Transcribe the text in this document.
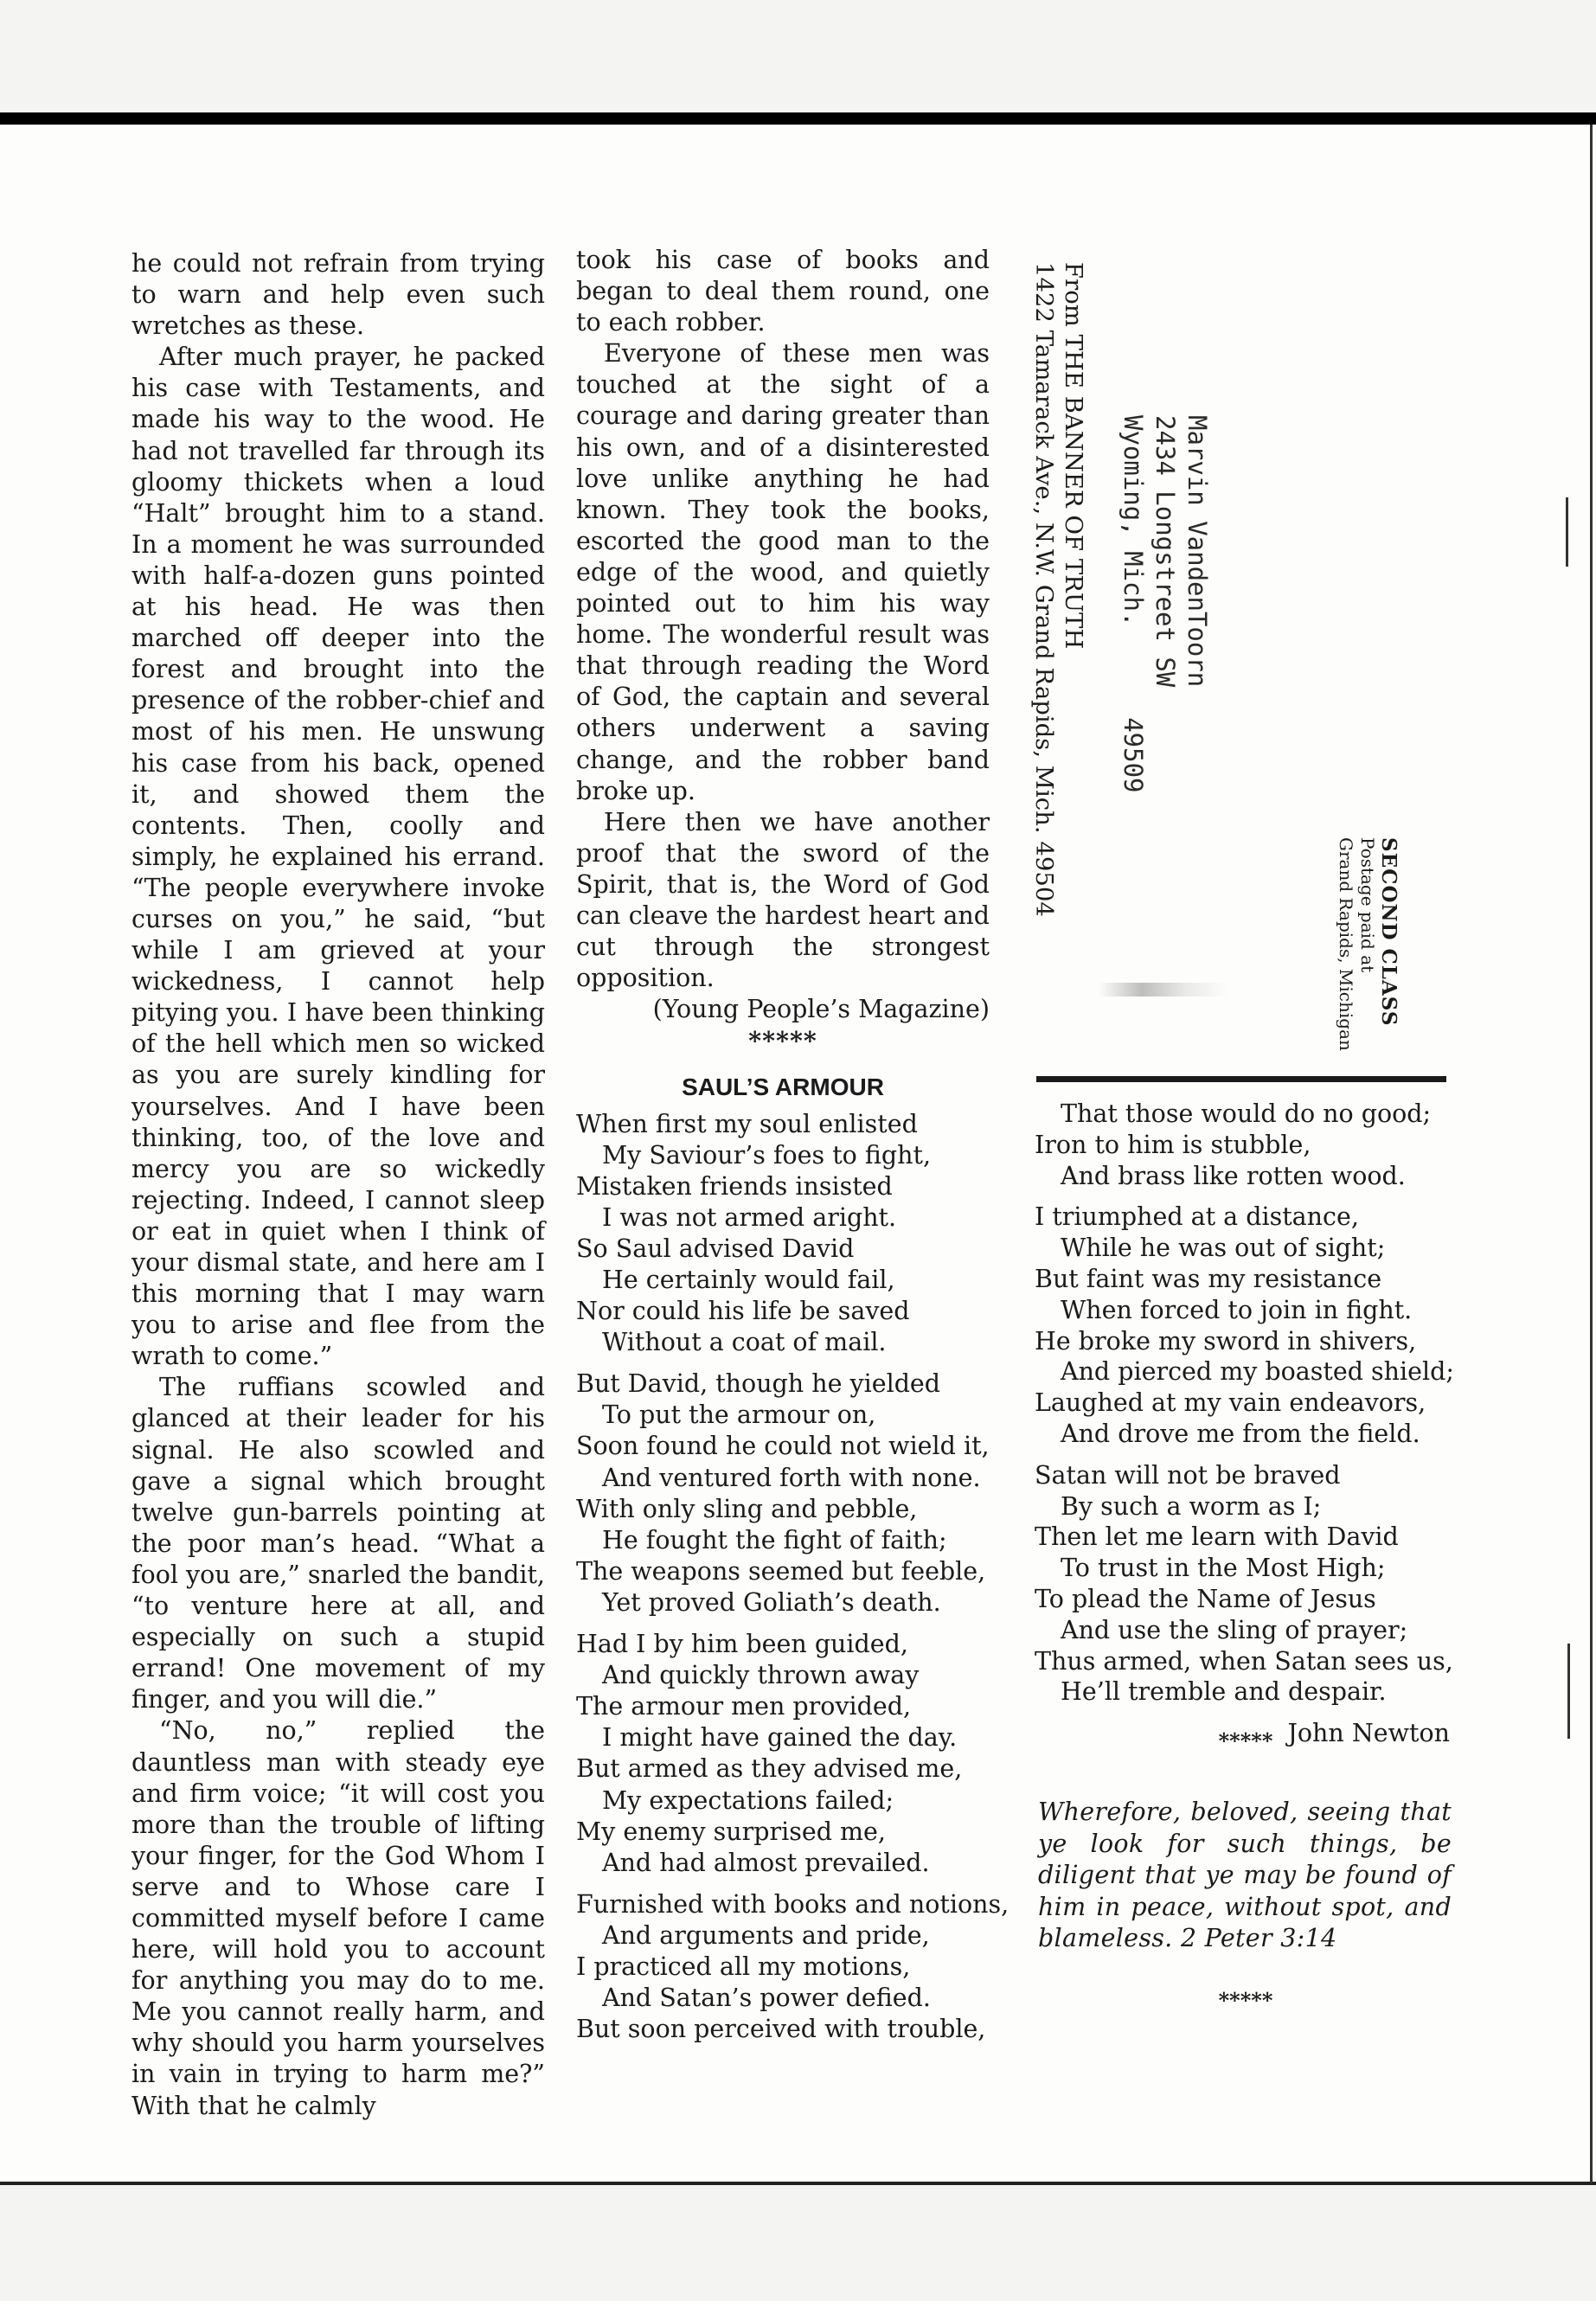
he could not refrain from trying to warn and help even such wretches as these.

After much prayer, he packed his case with Testaments, and made his way to the wood. He had not travelled far through its gloomy thickets when a loud “Halt” brought him to a stand. In a moment he was surrounded with half-a-dozen guns pointed at his head. He was then marched off deeper into the forest and brought into the presence of the robber-chief and most of his men. He unswung his case from his back, opened it, and showed them the contents. Then, coolly and simply, he explained his errand. “The people everywhere invoke curses on you,” he said, “but while I am grieved at your wickedness, I cannot help pitying you. I have been thinking of the hell which men so wicked as you are surely kindling for yourselves. And I have been thinking, too, of the love and mercy you are so wickedly rejecting. Indeed, I cannot sleep or eat in quiet when I think of your dismal state, and here am I this morning that I may warn you to arise and flee from the wrath to come.”

The ruffians scowled and glanced at their leader for his signal. He also scowled and gave a signal which brought twelve gun-barrels pointing at the poor man’s head. “What a fool you are,” snarled the bandit, “to venture here at all, and especially on such a stupid errand! One movement of my finger, and you will die.”

“No, no,” replied the dauntless man with steady eye and firm voice; “it will cost you more than the trouble of lifting your finger, for the God Whom I serve and to Whose care I committed myself before I came here, will hold you to account for anything you may do to me. Me you cannot really harm, and why should you harm yourselves in vain in trying to harm me?” With that he calmly

took his case of books and began to deal them round, one to each robber.

Everyone of these men was touched at the sight of a courage and daring greater than his own, and of a disinterested love unlike anything he had known. They took the books, escorted the good man to the edge of the wood, and quietly pointed out to him his way home. The wonderful result was that through reading the Word of God, the captain and several others underwent a saving change, and the robber band broke up.

Here then we have another proof that the sword of the Spirit, that is, the Word of God can cleave the hardest heart and cut through the strongest opposition.

(Young People’s Magazine)
*****
SAUL’S ARMOUR
When first my soul enlisted
My Saviour’s foes to fight,
Mistaken friends insisted
I was not armed aright.
So Saul advised David
He certainly would fail,
Nor could his life be saved
Without a coat of mail.
But David, though he yielded
To put the armour on,
Soon found he could not wield it,
And ventured forth with none.
With only sling and pebble,
He fought the fight of faith;
The weapons seemed but feeble,
Yet proved Goliath’s death.
Had I by him been guided,
And quickly thrown away
The armour men provided,
I might have gained the day.
But armed as they advised me,
My expectations failed;
My enemy surprised me,
And had almost prevailed.
Furnished with books and notions,
And arguments and pride,
I practiced all my motions,
And Satan’s power defied.
But soon perceived with trouble,
From THE BANNER OF TRUTH
1422 Tamarack Ave., N.W. Grand Rapids, Mich. 49504	Marvin VandenToorn
2434 Longstreet SW
Wyoming, Mich.      49509
SECOND CLASS
Postage paid at
Grand Rapids, Michigan
That those would do no good;
Iron to him is stubble,
And brass like rotten wood.
I triumphed at a distance,
While he was out of sight;
But faint was my resistance
When forced to join in fight.
He broke my sword in shivers,
And pierced my boasted shield;
Laughed at my vain endeavors,
And drove me from the field.
Satan will not be braved
By such a worm as I;
Then let me learn with David
To trust in the Most High;
To plead the Name of Jesus
And use the sling of prayer;
Thus armed, when Satan sees us,
He’ll tremble and despair.
John Newton
*****
Wherefore, beloved, seeing that ye look for such things, be diligent that ye may be found of him in peace, without spot, and blameless. 2 Peter 3:14
*****
